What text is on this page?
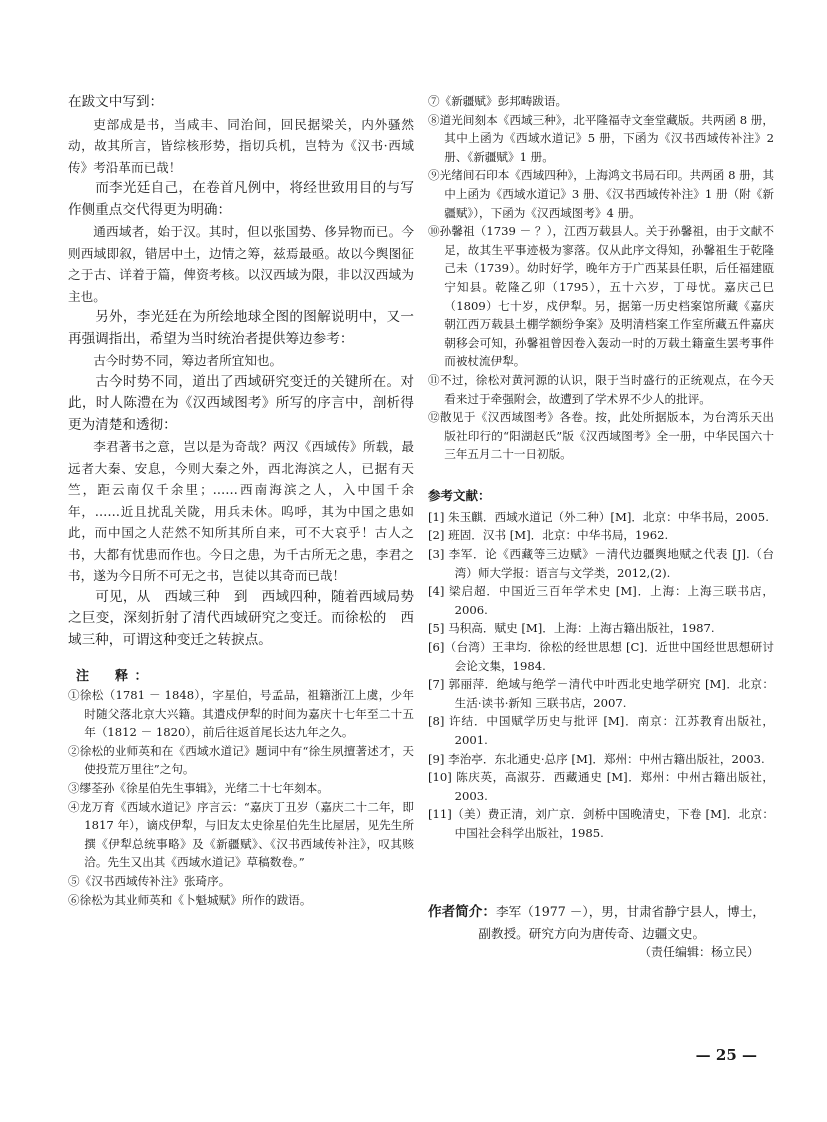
在跋文中写到：

吏部成是书，当咸丰、同治间，回民据梁关，内外骚然动，故其所言，皆综核形势，指切兵机，岂特为《汉书·西域传》考沿革而已哉！

而李光廷自己，在卷首凡例中，将经世致用目的与写作侧重点交代得更为明确：

通西域者，始于汉。其时，但以张国势、侈异物而已。今则西域即叙，错居中土，边情之筹，兹焉最亟。故以今舆图征之于古、详着于篇，俾资考核。以汉西域为限，非以汉西域为主也。

另外，李光廷在为所绘地球全图的图解说明中，又一再强调指出，希望为当时统治者提供筹边参考：

古今时势不同，筹边者所宜知也。

古今时势不同，道出了西域研究变迁的关键所在。对此，时人陈澧在为《汉西域图考》所写的序言中，剖析得更为清楚和透彻：

李君著书之意，岂以是为奇哉？两汉《西域传》所载，最远者大秦、安息，今则大秦之外，西北海滨之人，已据有天竺，距云南仅千余里；……西南海滨之人，入中国千余年，……近且扰乱关陇，用兵未休。呜呼，其为中国之患如此，而中国之人茫然不知所其所自来，可不大哀乎！古人之书，大都有忧患而作也。今日之患，为千古所无之患，李君之书，遂为今日所不可无之书，岂徒以其奇而已哉！

可见，从　西域三种　到　西域四种，随着西域局势之巨变，深刻折射了清代西域研究之变迁。而徐松的　西域三种，可谓这种变迁之转捩点。

注　释：

①徐松（1781 － 1848），字星伯，号孟品，祖籍浙江上虞，少年时随父落北京大兴籍。其遣戍伊犁的时间为嘉庆十七年至二十五年（1812 － 1820），前后往返首尾长达九年之久。

②徐松的业师英和在《西域水道记》题词中有“徐生夙擅著述才，天使投荒万里往”之句。

③缪荃孙《徐星伯先生事辑》，光绪二十七年刻本。

④龙万育《西域水道记》序言云：“嘉庆丁丑岁（嘉庆二十二年，即 1817 年），谪戍伊犁，与旧友太史徐星伯先生比屋居，见先生所撰《伊犁总统事略》及《新疆赋》、《汉书西域传补注》，叹其赅洽。先生又出其《西域水道记》草稿数卷。”

⑤《汉书西域传补注》张琦序。

⑥徐松为其业师英和《卜魁城赋》所作的跋语。

⑦《新疆赋》彭邦畴跋语。

⑧道光间刻本《西域三种》，北平隆福寺文奎堂藏版。共两函 8 册，其中上函为《西域水道记》5 册，下函为《汉书西域传补注》2 册、《新疆赋》1 册。

⑨光绪间石印本《西域四种》，上海鸿文书局石印。共两函 8 册，其中上函为《西域水道记》3 册、《汉书西域传补注》1 册（附《新疆赋》），下函为《汉西域图考》4 册。

⑩孙馨祖（1739 － ？），江西万载县人。关于孙馨祖，由于文献不足，故其生平事迹极为寥落。仅从此序文得知，孙馨祖生于乾隆己未（1739）。幼时好学，晚年方于广西某县任职，后任福建瓯宁知县。乾隆乙卯（1795），五十六岁，丁母忧。嘉庆己巳（1809）七十岁，戍伊犁。另，据第一历史档案馆所藏《嘉庆朝江西万载县土棚学额纷争案》及明清档案工作室所藏五件嘉庆朝移会可知，孙馨祖曾因卷入轰动一时的万载土籍童生罢考事件而被杖流伊犁。

⑪不过，徐松对黄河源的认识，限于当时盛行的正统观点，在今天看来过于牵强附会，故遭到了学术界不少人的批评。

⑫散见于《汉西域图考》各卷。按，此处所据版本，为台湾乐天出版社印行的“阳湖赵氏”版《汉西域图考》全一册，中华民国六十三年五月二十一日初版。

参考文献：

[1] 朱玉麒．西域水道记（外二种）[M]．北京：中华书局，2005.

[2] 班固．汉书 [M]．北京：中华书局，1962.

[3] 李军．论《西藏等三边赋》－清代边疆舆地赋之代表 [J].（台湾）师大学报：语言与文学类，2012,(2).

[4] 梁启超．中国近三百年学术史 [M]．上海：上海三联书店，2006.

[5] 马积高．赋史 [M]．上海：上海古籍出版社，1987.

[6]（台湾）王聿均．徐松的经世思想 [C]．近世中国经世思想研讨会论文集，1984.

[7] 郭丽萍．绝域与绝学－清代中叶西北史地学研究 [M]．北京：生活·读书·新知 三联书店，2007.

[8] 许结．中国赋学历史与批评 [M]．南京：江苏教育出版社，2001.

[9] 李治亭．东北通史·总序 [M]．郑州：中州古籍出版社，2003.

[10] 陈庆英，高淑芬．西藏通史 [M]．郑州：中州古籍出版社，2003.

[11]（美）费正清，刘广京．剑桥中国晚清史，下卷 [M]．北京：中国社会科学出版社，1985.

作者简介：李军（1977 －），男，甘肃省静宁县人，博士，
副教授。研究方向为唐传奇、边疆文史。
（责任编辑：杨立民）
— 25 —
